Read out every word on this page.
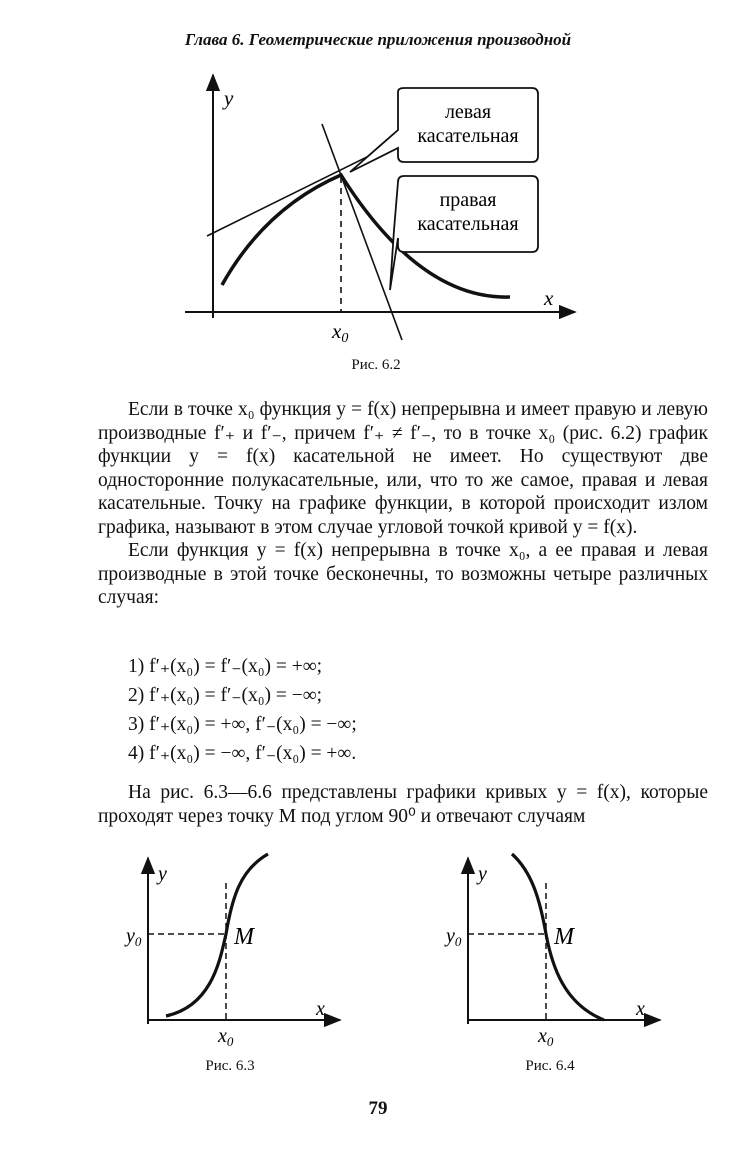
Глава 6. Геометрические приложения производной
y
x
x0
левая
касательная
правая
касательная
Рис. 6.2

Если в точке x₀ функция y = f(x) непрерывна и имеет правую и левую производные f′₊ и f′₋, причем f′₊ ≠ f′₋, то в точке x₀ (рис. 6.2) график функции y = f(x) касательной не имеет. Но существуют две односторонние полукасательные, или, что то же самое, правая и левая касательные. Точку на графике функции, в которой происходит излом графика, называют в этом случае угловой точкой кривой y = f(x).

Если функция y = f(x) непрерывна в точке x₀, а ее правая и левая производные в этой точке бесконечны, то возможны четыре различных случая:

1) f′₊(x₀) = f′₋(x₀) = +∞;
2) f′₊(x₀) = f′₋(x₀) = −∞;
3) f′₊(x₀) = +∞, f′₋(x₀) = −∞;
4) f′₊(x₀) = −∞, f′₋(x₀) = +∞.

На рис. 6.3—6.6 представлены графики кривых y = f(x), которые проходят через точку M под углом 90⁰ и отвечают случаям

y
x
$y_0$	M
$x_0$
Рис. 6.3
y
x
$y_0$	M
$x_0$
Рис. 6.4
79
